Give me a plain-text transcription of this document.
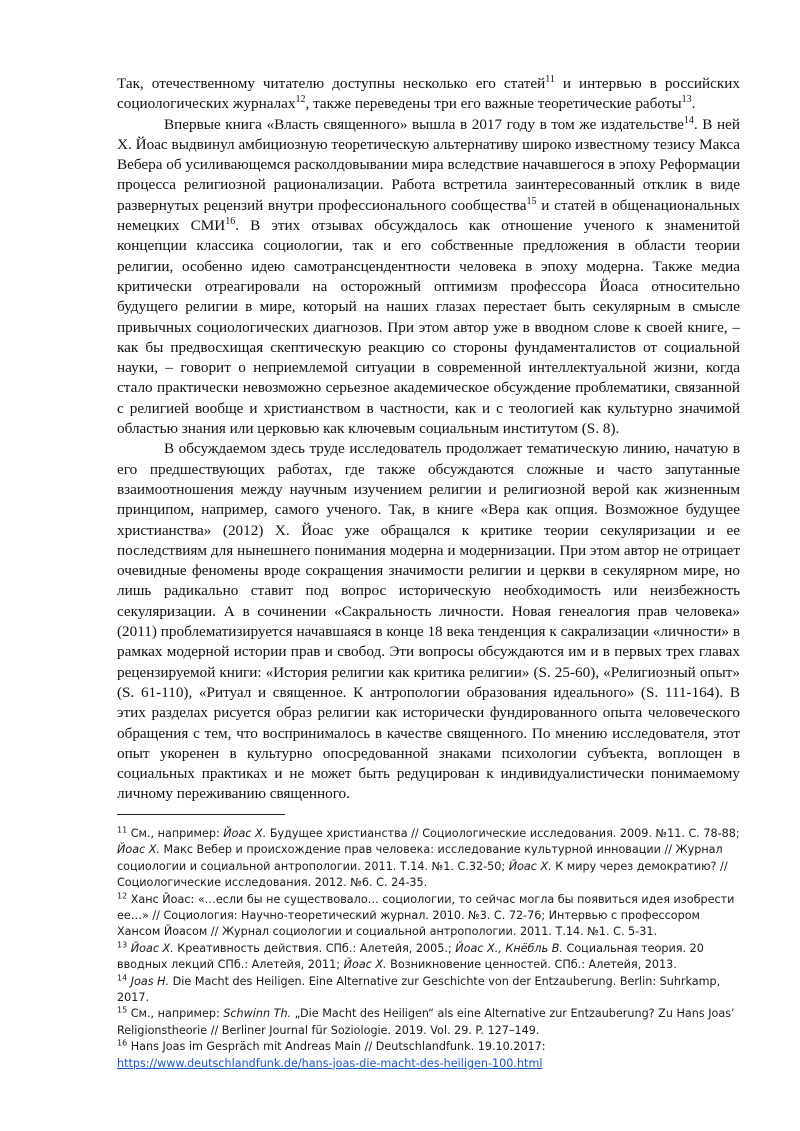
Так, отечественному читателю доступны несколько его статей$^{11}$ и интервью в российских социологических журналах$^{12}$, также переведены три его важные теоретические работы$^{13}$.

Впервые книга «Власть священного» вышла в 2017 году в том же издательстве$^{14}$. В ней Х. Йоас выдвинул амбициозную теоретическую альтернативу широко известному тезису Макса Вебера об усиливающемся расколдовывании мира вследствие начавшегося в эпоху Реформации процесса религиозной рационализации. Работа встретила заинтересованный отклик в виде развернутых рецензий внутри профессионального сообщества$^{15}$ и статей в общенациональных немецких СМИ$^{16}$. В этих отзывах обсуждалось как отношение ученого к знаменитой концепции классика социологии, так и его собственные предложения в области теории религии, особенно идею самотрансцендентности человека в эпоху модерна. Также медиа критически отреагировали на осторожный оптимизм профессора Йоаса относительно будущего религии в мире, который на наших глазах перестает быть секулярным в смысле привычных социологических диагнозов. При этом автор уже в вводном слове к своей книге, – как бы предвосхищая скептическую реакцию со стороны фундаменталистов от социальной науки, – говорит о неприемлемой ситуации в современной интеллектуальной жизни, когда стало практически невозможно серьезное академическое обсуждение проблематики, связанной с религией вообще и христианством в частности, как и с теологией как культурно значимой областью знания или церковью как ключевым социальным институтом (S. 8).

В обсуждаемом здесь труде исследователь продолжает тематическую линию, начатую в его предшествующих работах, где также обсуждаются сложные и часто запутанные взаимоотношения между научным изучением религии и религиозной верой как жизненным принципом, например, самого ученого. Так, в книге «Вера как опция. Возможное будущее христианства» (2012) Х. Йоас уже обращался к критике теории секуляризации и ее последствиям для нынешнего понимания модерна и модернизации. При этом автор не отрицает очевидные феномены вроде сокращения значимости религии и церкви в секулярном мире, но лишь радикально ставит под вопрос историческую необходимость или неизбежность секуляризации. А в сочинении «Сакральность личности. Новая генеалогия прав человека» (2011) проблематизируется начавшаяся в конце 18 века тенденция к сакрализации «личности» в рамках модерной истории прав и свобод. Эти вопросы обсуждаются им и в первых трех главах рецензируемой книги: «История религии как критика религии» (S. 25-60), «Религиозный опыт» (S. 61-110), «Ритуал и священное. К антропологии образования идеального» (S. 111-164). В этих разделах рисуется образ религии как исторически фундированного опыта человеческого обращения с тем, что воспринималось в качестве священного. По мнению исследователя, этот опыт укоренен в культурно опосредованной знаками психологии субъекта, воплощен в социальных практиках и не может быть редуцирован к индивидуалистически понимаемому личному переживанию священного.

$^{11}$ См., например: Йоас Х. Будущее христианства // Социологические исследования. 2009. №11. С. 78-88; Йоас Х. Макс Вебер и происхождение прав человека: исследование культурной инновации // Журнал социологии и социальной антропологии. 2011. Т.14. №1. С.32-50; Йоас Х. К миру через демократию? // Социологические исследования. 2012. №6. С. 24-35.

$^{12}$ Ханс Йоас: «…если бы не существовало… социологии, то сейчас могла бы появиться идея изобрести ее…» // Социология: Научно-теоретический журнал. 2010. №3. С. 72-76; Интервью с профессором Хансом Йоасом // Журнал социологии и социальной антропологии. 2011. Т.14. №1. С. 5-31.

$^{13}$ Йоас Х. Креативность действия. СПб.: Алетейя, 2005.; Йоас Х., Кнёбль В. Социальная теория. 20 вводных лекций СПб.: Алетейя, 2011; Йоас Х. Возникновение ценностей. СПб.: Алетейя, 2013.

$^{14}$ Joas H. Die Macht des Heiligen. Eine Alternative zur Geschichte von der Entzauberung. Berlin: Suhrkamp, 2017.

$^{15}$ См., например: Schwinn Th. „Die Macht des Heiligen“ als eine Alternative zur Entzauberung? Zu Hans Joas’ Religionstheorie // Berliner Journal für Soziologie. 2019. Vol. 29. P. 127–149.

$^{16}$ Hans Joas im Gespräch mit Andreas Main // Deutschlandfunk. 19.10.2017: https://www.deutschlandfunk.de/hans-joas-die-macht-des-heiligen-100.html
